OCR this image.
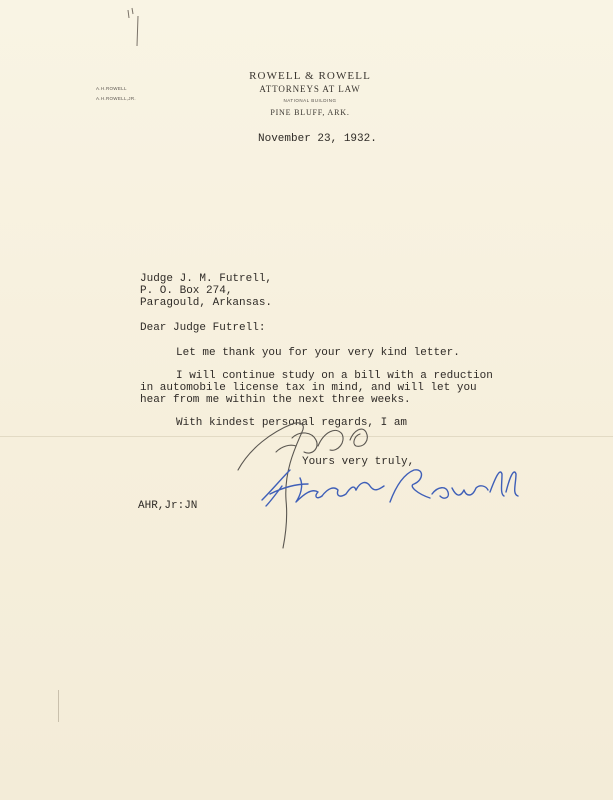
ROWELL & ROWELL
ATTORNEYS AT LAW
NATIONAL BUILDING
PINE BLUFF, ARK.
A.H.ROWELL
A.H.ROWELL,JR.
November 23, 1932.
Judge J. M. Futrell,
P. O. Box 274,
Paragould, Arkansas.
Dear Judge Futrell:
Let me thank you for your very kind letter.
I will continue study on a bill with a reduction
in automobile license tax in mind, and will let you
hear from me within the next three weeks.
With kindest personal regards, I am
Yours very truly,
AHR,Jr:JN
